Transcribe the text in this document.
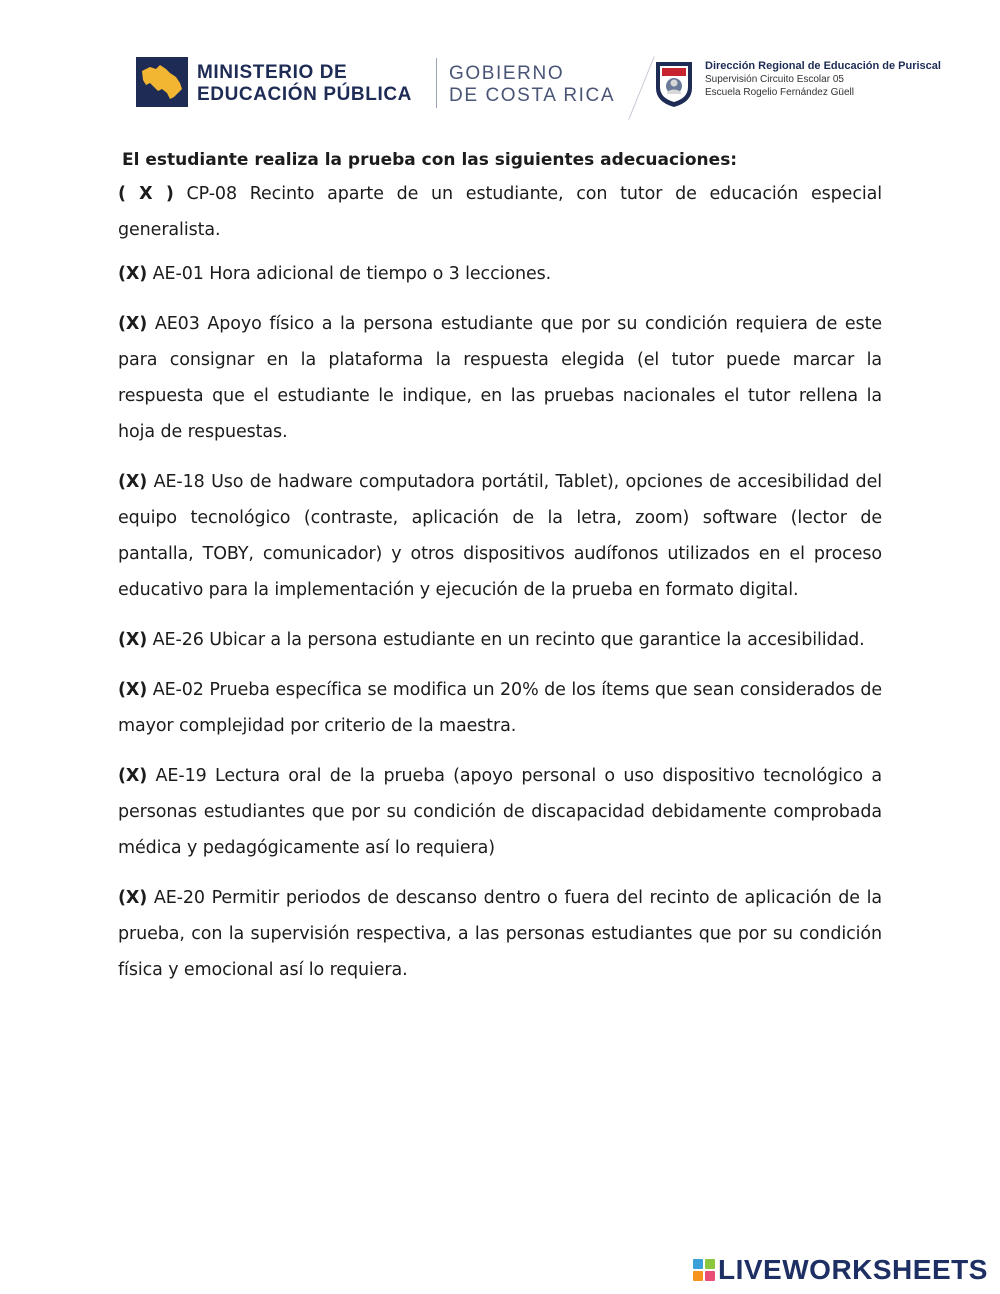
MINISTERIO DE
EDUCACIÓN PÚBLICA
GOBIERNO
DE COSTA RICA
Dirección Regional de Educación de Puriscal
Supervisión Circuito Escolar 05
Escuela Rogelio Fernández Güell
El estudiante realiza la prueba con las siguientes adecuaciones:

( X ) CP-08 Recinto aparte de un estudiante, con tutor de educación especial generalista.

(X) AE-01 Hora adicional de tiempo o 3 lecciones.

(X) AE03 Apoyo físico a la persona estudiante que por su condición requiera de este para consignar en la plataforma la respuesta elegida (el tutor puede marcar la respuesta que el estudiante le indique, en las pruebas nacionales el tutor rellena la hoja de respuestas.

(X) AE-18 Uso de hadware computadora portátil, Tablet), opciones de accesibilidad del equipo tecnológico (contraste, aplicación de la letra, zoom) software (lector de pantalla, TOBY, comunicador) y otros dispositivos audífonos utilizados en el proceso educativo para la implementación y ejecución de la prueba en formato digital.

(X) AE-26 Ubicar a la persona estudiante en un recinto que garantice la accesibilidad.

(X) AE-02 Prueba específica se modifica un 20% de los ítems que sean considerados de mayor complejidad por criterio de la maestra.

(X) AE-19 Lectura oral de la prueba (apoyo personal o uso dispositivo tecnológico a personas estudiantes que por su condición de discapacidad debidamente comprobada médica y pedagógicamente así lo requiera)

(X) AE-20 Permitir periodos de descanso dentro o fuera del recinto de aplicación de la prueba, con la supervisión respectiva, a las personas estudiantes que por su condición física y emocional así lo requiera.

LIVEWORKSHEETS
